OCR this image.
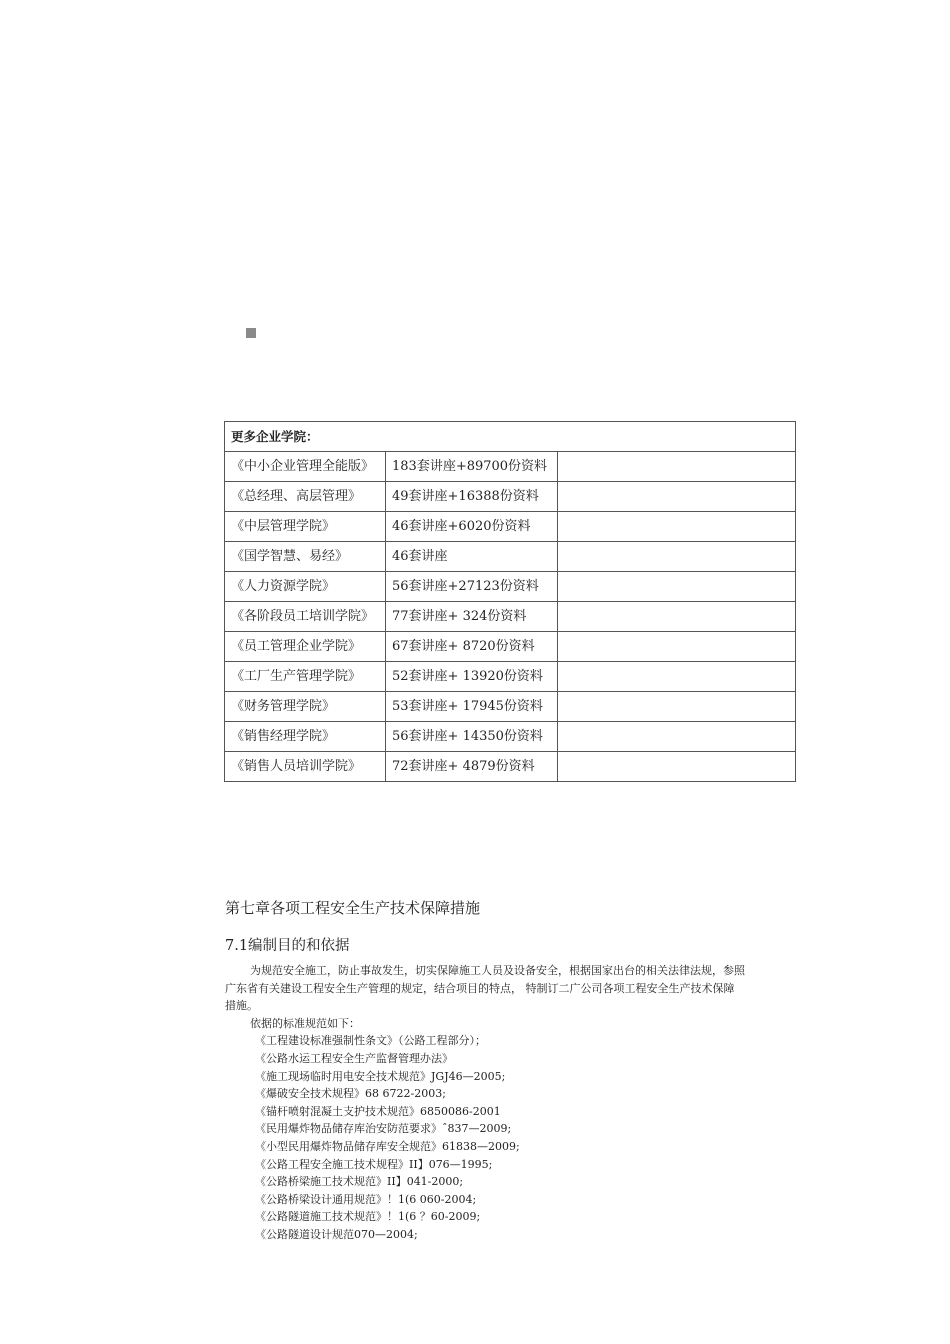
更多企业学院：		
《中小企业管理全能版》	183套讲座+89700份资料	
《总经理、高层管理》	49套讲座+16388份资料	
《中层管理学院》	46套讲座+6020份资料	
《国学智慧、易经》	46套讲座	
《人力资源学院》	56套讲座+27123份资料	
《各阶段员工培训学院》	77套讲座+ 324份资料	
《员工管理企业学院》	67套讲座+ 8720份资料	
《工厂生产管理学院》	52套讲座+ 13920份资料	
《财务管理学院》	53套讲座+ 17945份资料	
《销售经理学院》	56套讲座+ 14350份资料	
《销售人员培训学院》	72套讲座+ 4879份资料	
第七章各项工程安全生产技术保障措施
7.1编制目的和依据

为规范安全施工，防止事故发生，切实保障施工人员及设备安全，根据国家出台的相关法律法规，参照广东省有关建设工程安全生产管理的规定，结合项目的特点， 特制订二广公司各项工程安全生产技术保障措施。

依据的标准规范如下：

《工程建设标准强制性条文》（公路工程部分）；
《公路水运工程安全生产监督管理办法》
《施工现场临时用电安全技术规范》JGJ46—2005;
《爆破安全技术规程》68 6722-2003;
《锚杆喷射混凝土支护技术规范》6850086-2001
《民用爆炸物品储存库治安防范要求》ˆ837—2009;
《小型民用爆炸物品储存库安全规范》61838—2009;
《公路工程安全施工技术规程》II】076—1995;
《公路桥梁施工技术规范》II】041-2000;
《公路桥梁设计通用规范》！1(6 060-2004;
《公路隧道施工技术规范》！1(6 ？60-2009;
《公路隧道设计规范070—2004;
